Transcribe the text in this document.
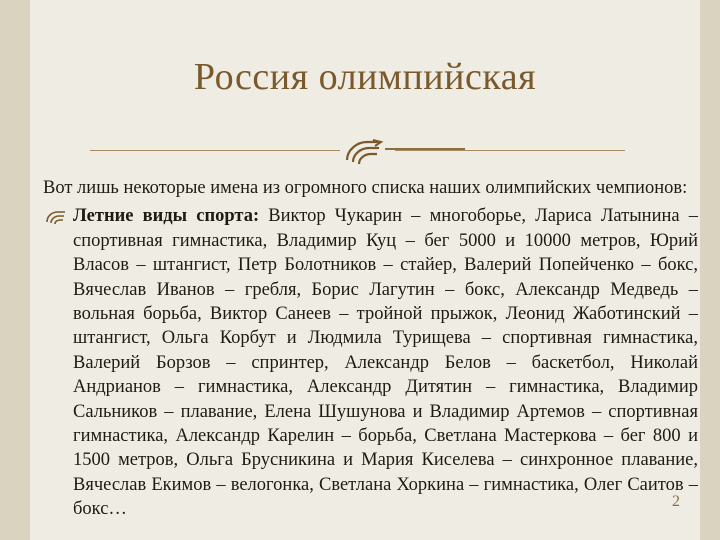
Россия олимпийская

Вот лишь некоторые имена из огромного списка наших олимпийских чемпионов:

Летние виды спорта: Виктор Чукарин – многоборье, Лариса Латынина – спортивная гимнастика, Владимир Куц – бег 5000 и 10000 метров, Юрий Власов – штангист, Петр Болотников – стайер, Валерий Попейченко – бокс, Вячеслав Иванов – гребля, Борис Лагутин – бокс, Александр Медведь – вольная борьба, Виктор Санеев – тройной прыжок, Леонид Жаботинский – штангист, Ольга Корбут и Людмила Турищева – спортивная гимнастика, Валерий Борзов – спринтер, Александр Белов – баскетбол, Николай Андрианов – гимнастика, Александр Дитятин – гимнастика, Владимир Сальников – плавание, Елена Шушунова и Владимир Артемов – спортивная гимнастика, Александр Карелин – борьба, Светлана Мастеркова – бег 800 и 1500 метров, Ольга Брусникина и Мария Киселева – синхронное плавание, Вячеслав Екимов – велогонка, Светлана Хоркина – гимнастика, Олег Саитов – бокс…	2
